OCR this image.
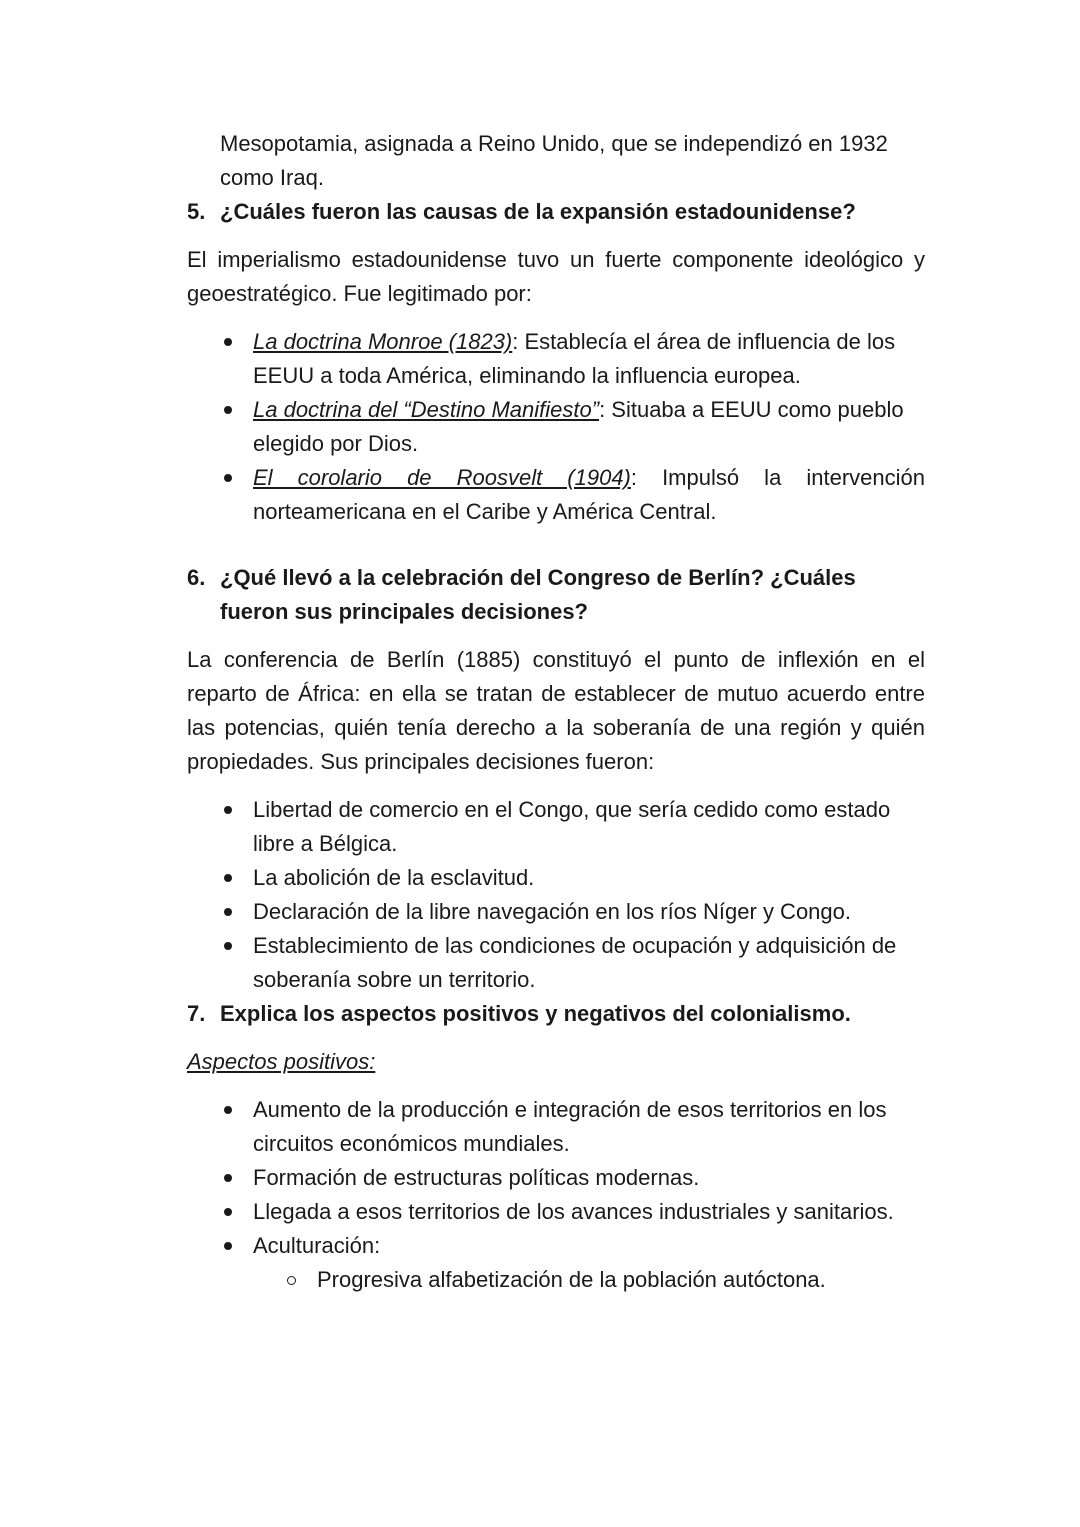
Mesopotamia, asignada a Reino Unido, que se independizó en 1932 como Iraq.

5. ¿Cuáles fueron las causas de la expansión estadounidense?

El imperialismo estadounidense tuvo un fuerte componente ideológico y geoestratégico. Fue legitimado por:

La doctrina Monroe (1823): Establecía el área de influencia de los EEUU a toda América, eliminando la influencia europea.
La doctrina del “Destino Manifiesto”: Situaba a EEUU como pueblo elegido por Dios.
El corolario de Roosvelt (1904): Impulsó la intervención norteamericana en el Caribe y América Central.
6. ¿Qué llevó a la celebración del Congreso de Berlín? ¿Cuáles fueron sus principales decisiones?

La conferencia de Berlín (1885) constituyó el punto de inflexión en el reparto de África: en ella se tratan de establecer de mutuo acuerdo entre las potencias, quién tenía derecho a la soberanía de una región y quién propiedades. Sus principales decisiones fueron:

Libertad de comercio en el Congo, que sería cedido como estado libre a Bélgica.
La abolición de la esclavitud.
Declaración de la libre navegación en los ríos Níger y Congo.
Establecimiento de las condiciones de ocupación y adquisición de soberanía sobre un territorio.
7. Explica los aspectos positivos y negativos del colonialismo.

Aspectos positivos:

Aumento de la producción e integración de esos territorios en los circuitos económicos mundiales.
Formación de estructuras políticas modernas.
Llegada a esos territorios de los avances industriales y sanitarios.
Aculturación:
Progresiva alfabetización de la población autóctona.
